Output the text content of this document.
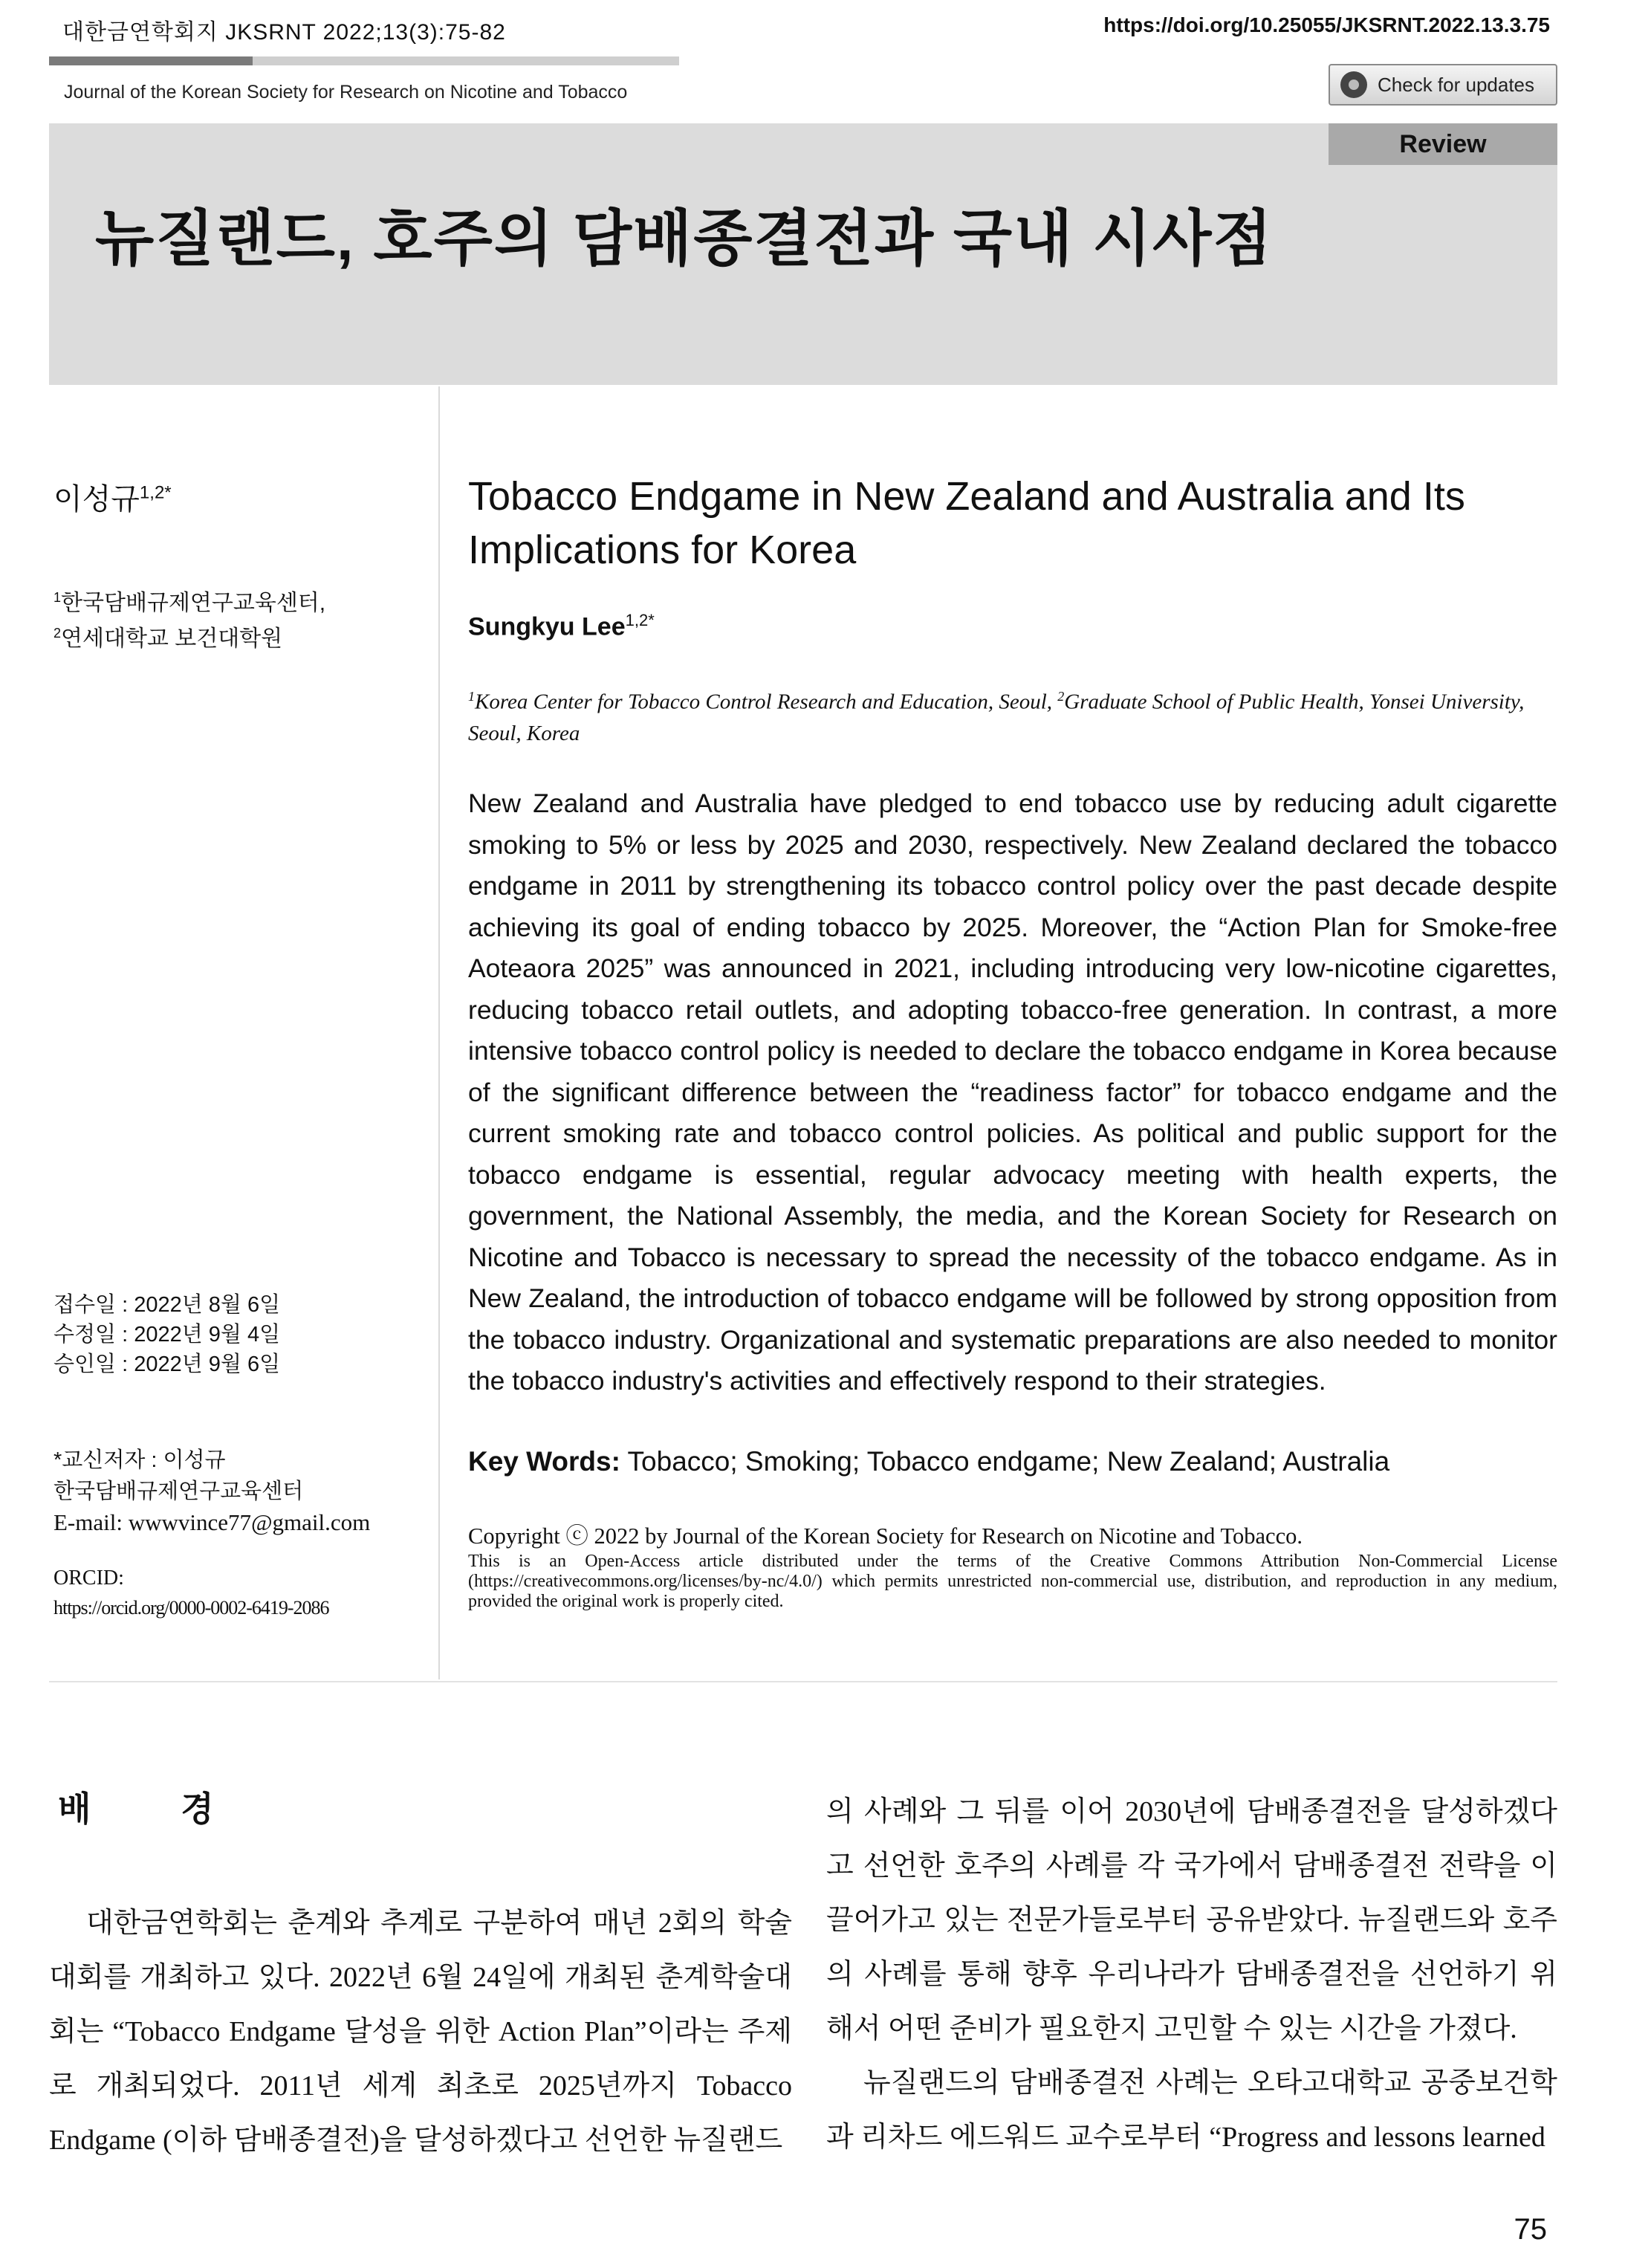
대한금연학회지 JKSRNT 2022;13(3):75-82	https://doi.org/10.25055/JKSRNT.2022.13.3.75
Journal of the Korean Society for Research on Nicotine and Tobacco	Check for updates
Review
뉴질랜드, 호주의 담배종결전과 국내 시사점
이성규$^{1,2*}$
$^1$한국담배규제연구교육센터,
$^2$연세대학교 보건대학원
접수일 : 2022년 8월 6일
수정일 : 2022년 9월 4일
승인일 : 2022년 9월 6일
*교신저자 : 이성규
한국담배규제연구교육센터
E-mail: wwwvince77@gmail.com
ORCID:
https://orcid.org/0000-0002-6419-2086
Tobacco Endgame in New Zealand and Australia and Its Implications for Korea
Sungkyu Lee$^{1,2*}$
$^1$Korea Center for Tobacco Control Research and Education, Seoul, $^2$Graduate School of Public Health, Yonsei University, Seoul, Korea
New Zealand and Australia have pledged to end tobacco use by reducing adult cigarette smoking to 5% or less by 2025 and 2030, respectively. New Zealand declared the tobacco endgame in 2011 by strengthening its tobacco control policy over the past decade despite achieving its goal of ending tobacco by 2025. Moreover, the “Action Plan for Smoke-free Aoteaora 2025” was announced in 2021, including introducing very low-nicotine cigarettes, reducing tobacco retail outlets, and adopting tobacco-free generation. In contrast, a more intensive tobacco control policy is needed to declare the tobacco endgame in Korea because of the significant difference between the “readiness factor” for tobacco endgame and the current smoking rate and tobacco control policies. As political and public support for the tobacco endgame is essential, regular advocacy meeting with health experts, the government, the National Assembly, the media, and the Korean Society for Research on Nicotine and Tobacco is necessary to spread the necessity of the tobacco endgame. As in New Zealand, the introduction of tobacco endgame will be followed by strong opposition from the tobacco industry. Organizational and systematic preparations are also needed to monitor the tobacco industry's activities and effectively respond to their strategies.
Key Words: Tobacco; Smoking; Tobacco endgame; New Zealand; Australia
Copyright ⓒ 2022 by Journal of the Korean Society for Research on Nicotine and Tobacco.
This is an Open-Access article distributed under the terms of the Creative Commons Attribution Non-Commercial License (https://creativecommons.org/licenses/by-nc/4.0/) which permits unrestricted non-commercial use, distribution, and reproduction in any medium, provided the original work is properly cited.
배 경

대한금연학회는 춘계와 추계로 구분하여 매년 2회의 학술대회를 개최하고 있다. 2022년 6월 24일에 개최된 춘계학술대회는 “Tobacco Endgame 달성을 위한 Action Plan”이라는 주제로 개최되었다. 2011년 세계 최초로 2025년까지 Tobacco Endgame (이하 담배종결전)을 달성하겠다고 선언한 뉴질랜드

의 사례와 그 뒤를 이어 2030년에 담배종결전을 달성하겠다고 선언한 호주의 사례를 각 국가에서 담배종결전 전략을 이끌어가고 있는 전문가들로부터 공유받았다. 뉴질랜드와 호주의 사례를 통해 향후 우리나라가 담배종결전을 선언하기 위해서 어떤 준비가 필요한지 고민할 수 있는 시간을 가졌다.

뉴질랜드의 담배종결전 사례는 오타고대학교 공중보건학과 리차드 에드워드 교수로부터 “Progress and lessons learned

75
